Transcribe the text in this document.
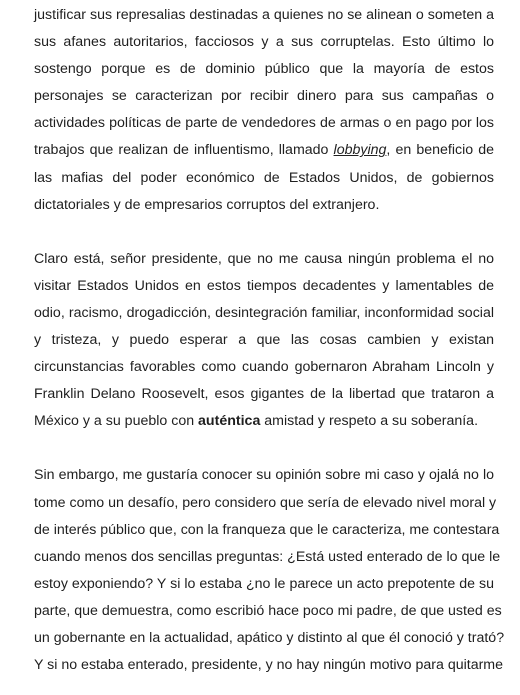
justificar sus represalias destinadas a quienes no se alinean o someten a
sus afanes autoritarios, facciosos y a sus corruptelas. Esto último lo
sostengo porque es de dominio público que la mayoría de estos
personajes se caracterizan por recibir dinero para sus campañas o
actividades políticas de parte de vendedores de armas o en pago por los
trabajos que realizan de influentismo, llamado lobbying, en beneficio de
las mafias del poder económico de Estados Unidos, de gobiernos
dictatoriales y de empresarios corruptos del extranjero.
Claro está, señor presidente, que no me causa ningún problema el no
visitar Estados Unidos en estos tiempos decadentes y lamentables de
odio, racismo, drogadicción, desintegración familiar, inconformidad social
y tristeza, y puedo esperar a que las cosas cambien y existan
circunstancias favorables como cuando gobernaron Abraham Lincoln y
Franklin Delano Roosevelt, esos gigantes de la libertad que trataron a
México y a su pueblo con auténtica amistad y respeto a su soberanía.
Sin embargo, me gustaría conocer su opinión sobre mi caso y ojalá no lo
tome como un desafío, pero considero que sería de elevado nivel moral y
de interés público que, con la franqueza que le caracteriza, me contestara
cuando menos dos sencillas preguntas: ¿Está usted enterado de lo que le
estoy exponiendo? Y si lo estaba ¿no le parece un acto prepotente de su
parte, que demuestra, como escribió hace poco mi padre, de que usted es
un gobernante en la actualidad, apático y distinto al que él conoció y trató?
Y si no estaba enterado, presidente, y no hay ningún motivo para quitarme
